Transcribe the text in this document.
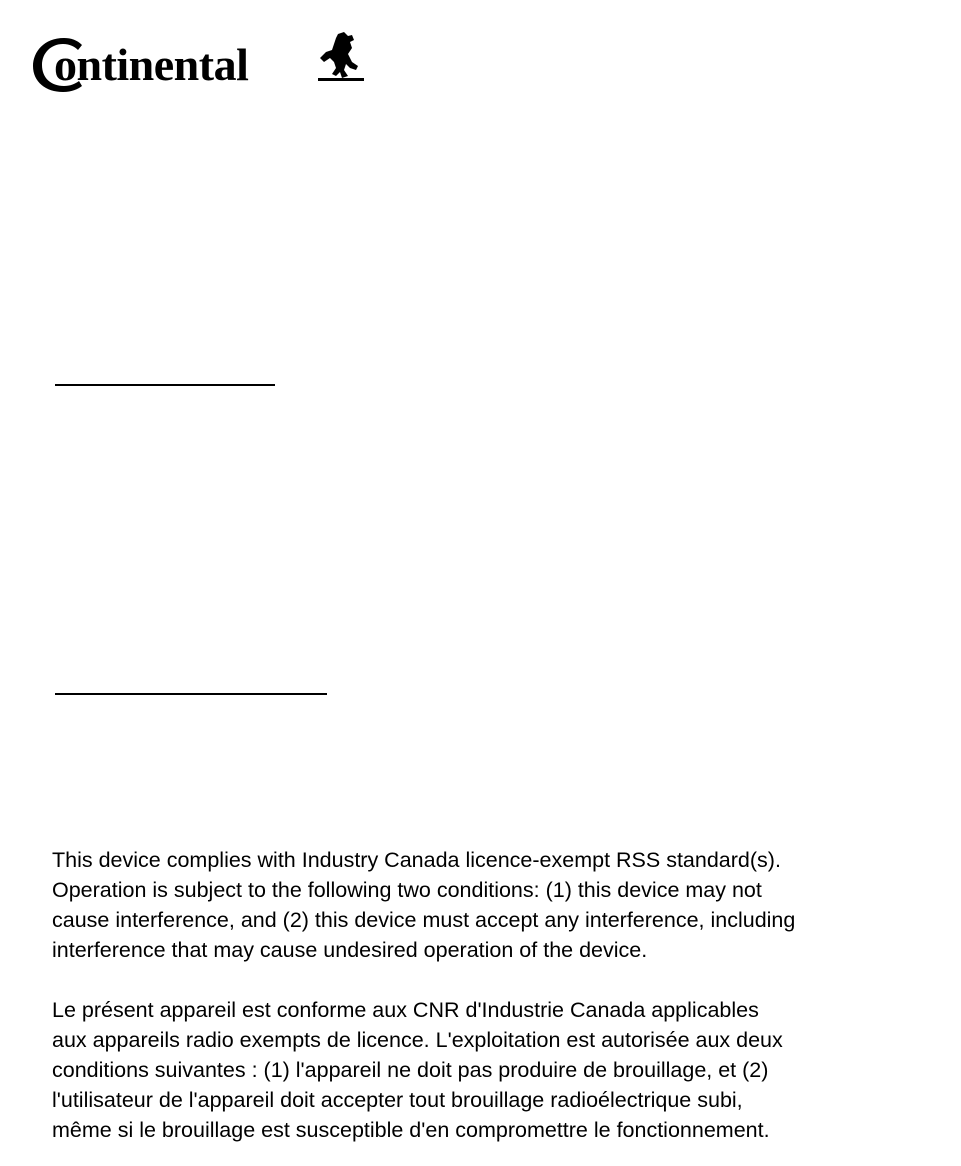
ontinental

This device complies with Industry Canada licence-exempt RSS standard(s).
Operation is subject to the following two conditions: (1) this device may not
cause interference, and (2) this device must accept any interference, including
interference that may cause undesired operation of the device.

Le présent appareil est conforme aux CNR d'Industrie Canada applicables
aux appareils radio exempts de licence. L'exploitation est autorisée aux deux
conditions suivantes : (1) l'appareil ne doit pas produire de brouillage, et (2)
l'utilisateur de l'appareil doit accepter tout brouillage radioélectrique subi,
même si le brouillage est susceptible d'en compromettre le fonctionnement.
